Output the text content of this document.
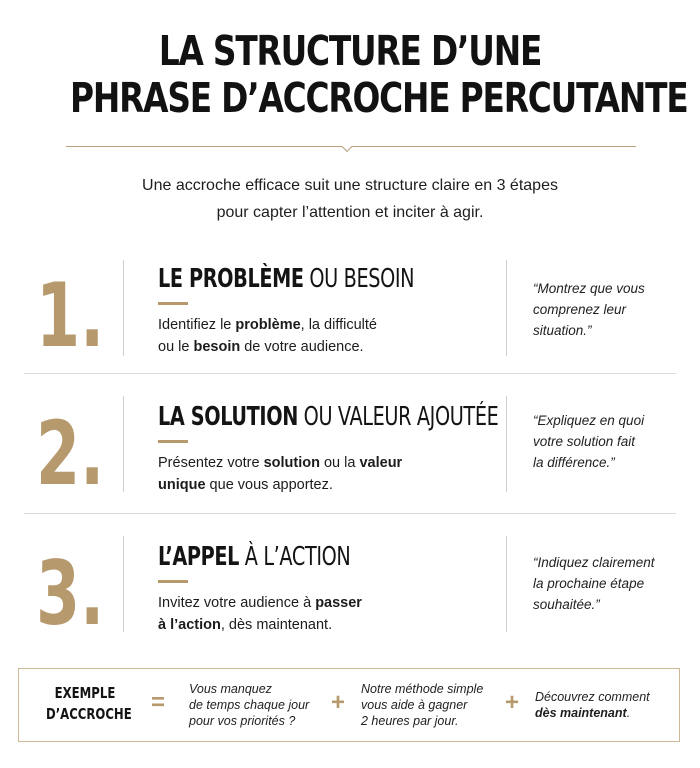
LA STRUCTURE D’UNE
PHRASE D’ACCROCHE PERCUTANTE
Une accroche efficace suit une structure claire en 3 étapes
pour capter l’attention et inciter à agir.
1. LE PROBLÈME OU BESOIN
Identifiez le problème, la difficulté
ou le besoin de votre audience.
“Montrez que vous
comprenez leur
situation.”
2. LA SOLUTION OU VALEUR AJOUTÉE
Présentez votre solution ou la valeur
unique que vous apportez.
“Expliquez en quoi
votre solution fait
la différence.”
3. L’APPEL À L’ACTION
Invitez votre audience à passer
à l’action, dès maintenant.
“Indiquez clairement
la prochaine étape
souhaitée.”
EXEMPLE
D’ACCROCHE = Vous manquez
de temps chaque jour
pour vos priorités ?
+ Notre méthode simple
vous aide à gagner
2 heures par jour.
+ Découvrez comment
dès maintenant.
